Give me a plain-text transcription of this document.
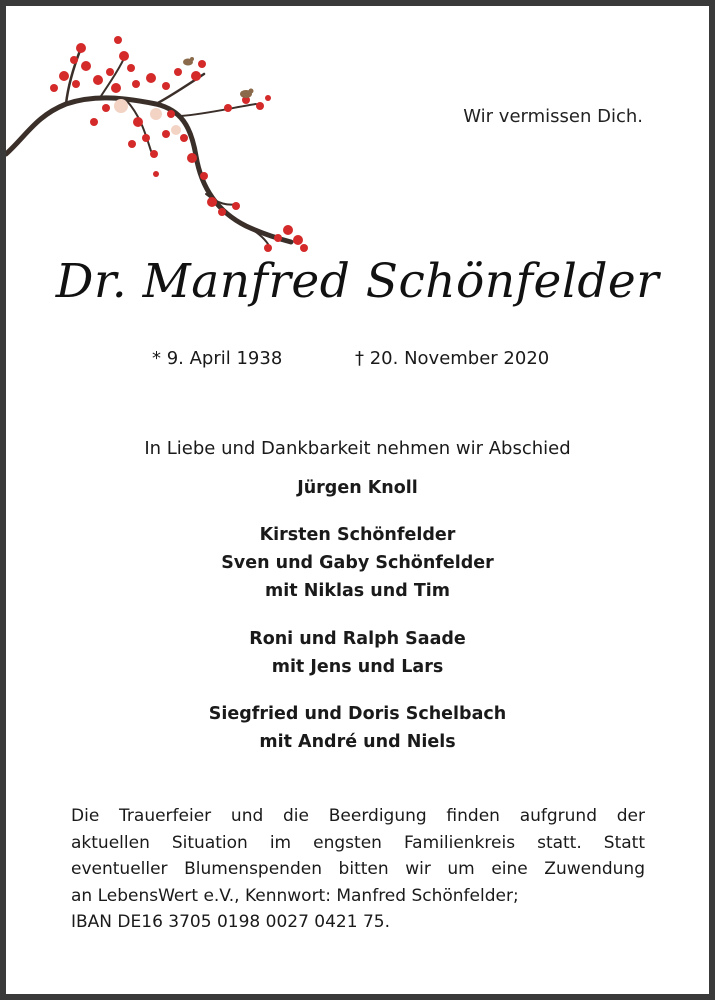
Wir vermissen Dich.
Dr. Manfred Schönfelder
* 9. April 1938	† 20. November 2020
In Liebe und Dankbarkeit nehmen wir Abschied
Jürgen Knoll
Kirsten Schönfelder
Sven und Gaby Schönfelder
mit Niklas und Tim
Roni und Ralph Saade
mit Jens und Lars
Siegfried und Doris Schelbach
mit André und Niels
Die Trauerfeier und die Beerdigung finden aufgrund der
aktuellen Situation im engsten Familienkreis statt. Statt
eventueller Blumenspenden bitten wir um eine Zuwendung
an LebensWert e.V., Kennwort: Manfred Schönfelder;
IBAN DE16 3705 0198 0027 0421 75.
